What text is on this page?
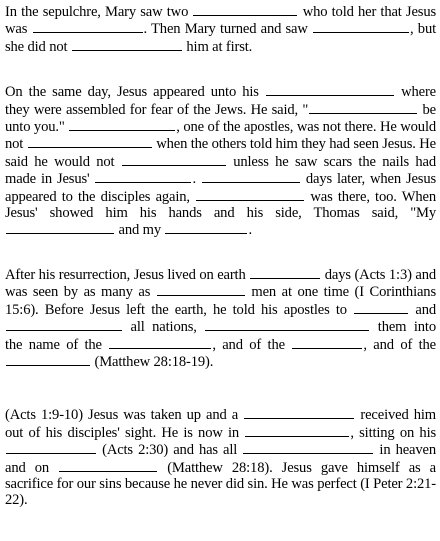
In the sepulchre, Mary saw two	who told her that Jesus was	. Then Mary turned and saw	, but she did not	him at first.

On the same day, Jesus appeared unto his	where they were assembled for fear of the Jews. He said, "	be unto you."	, one of the apostles, was not there. He would not	when the others told him they had seen Jesus. He said he would not	unless he saw scars the nails had made in Jesus'	.	days later, when Jesus appeared to the disciples again,	was there, too. When Jesus' showed him his hands and his side, Thomas said, "My  and my	.

After his resurrection, Jesus lived on earth	days (Acts 1:3) and was seen by as many as	men at one time (I Corinthians 15:6). Before Jesus left the earth, he told his apostles to	and  all nations,	them into the name of the	, and of the	, and of the  (Matthew 28:18-19).

(Acts 1:9-10) Jesus was taken up and a	received him out of his disciples' sight. He is now in	, sitting on his  (Acts 2:30) and has all	in heaven and on	(Matthew 28:18). Jesus gave himself as a sacrifice for our sins because he never did sin. He was perfect (I Peter 2:21-22).
